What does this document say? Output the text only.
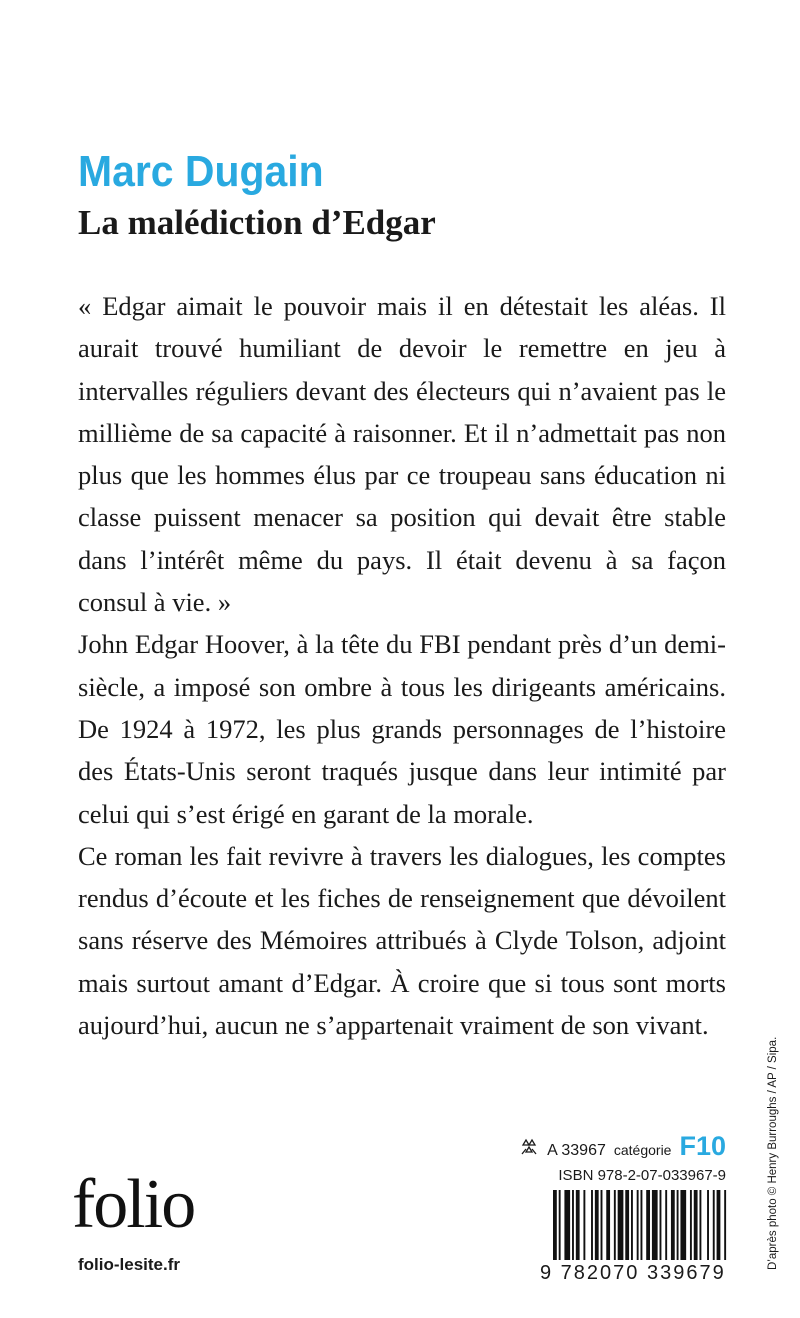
Marc Dugain
La malédiction d’Edgar

« Edgar aimait le pouvoir mais il en détestait les aléas. Il aurait trouvé humiliant de devoir le remettre en jeu à intervalles réguliers devant des électeurs qui n’avaient pas le millième de sa capacité à raisonner. Et il n’admettait pas non plus que les hommes élus par ce troupeau sans éducation ni classe puissent menacer sa position qui devait être stable dans l’intérêt même du pays. Il était devenu à sa façon consul à vie. »

John Edgar Hoover, à la tête du FBI pendant près d’un demi-siècle, a imposé son ombre à tous les dirigeants américains. De 1924 à 1972, les plus grands personnages de l’histoire des États-Unis seront traqués jusque dans leur intimité par celui qui s’est érigé en garant de la morale.

Ce roman les fait revivre à travers les dialogues, les comptes rendus d’écoute et les fiches de renseignement que dévoilent sans réserve des Mémoires attribués à Clyde Tolson, adjoint mais surtout amant d’Edgar. À croire que si tous sont morts aujourd’hui, aucun ne s’appartenait vraiment de son vivant.

folio
folio-lesite.fr
A 33967 catégorie F10
ISBN 978-2-07-033967-9
9 782070 339679
D’après photo © Henry Burroughs / AP / Sipa.
